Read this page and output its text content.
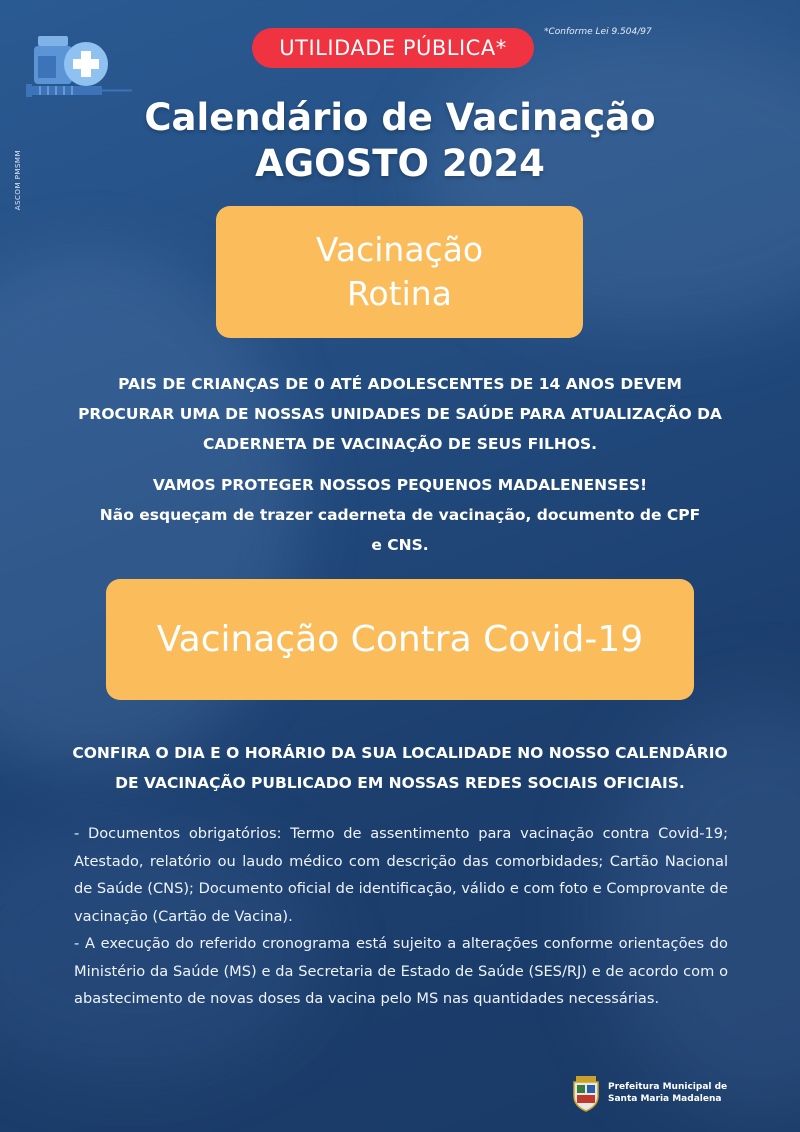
ASCOM PMSMM
UTILIDADE PÚBLICA*
*Conforme Lei 9.504/97
Calendário de Vacinação
AGOSTO 2024
Vacinação
Rotina
PAIS DE CRIANÇAS DE 0 ATÉ ADOLESCENTES DE 14 ANOS DEVEM
PROCURAR UMA DE NOSSAS UNIDADES DE SAÚDE PARA ATUALIZAÇÃO DA
CADERNETA DE VACINAÇÃO DE SEUS FILHOS.
VAMOS PROTEGER NOSSOS PEQUENOS MADALENENSES!
Não esqueçam de trazer caderneta de vacinação, documento de CPF
e CNS.
Vacinação Contra Covid-19
CONFIRA O DIA E O HORÁRIO DA SUA LOCALIDADE NO NOSSO CALENDÁRIO
DE VACINAÇÃO PUBLICADO EM NOSSAS REDES SOCIAIS OFICIAIS.

- Documentos obrigatórios: Termo de assentimento para vacinação contra Covid-19; Atestado, relatório ou laudo médico com descrição das comorbidades; Cartão Nacional de Saúde (CNS); Documento oficial de identificação, válido e com foto e Comprovante de vacinação (Cartão de Vacina).

- A execução do referido cronograma está sujeito a alterações conforme orientações do Ministério da Saúde (MS) e da Secretaria de Estado de Saúde (SES/RJ) e de acordo com o abastecimento de novas doses da vacina pelo MS nas quantidades necessárias.

Prefeitura Municipal de
Santa Maria Madalena
